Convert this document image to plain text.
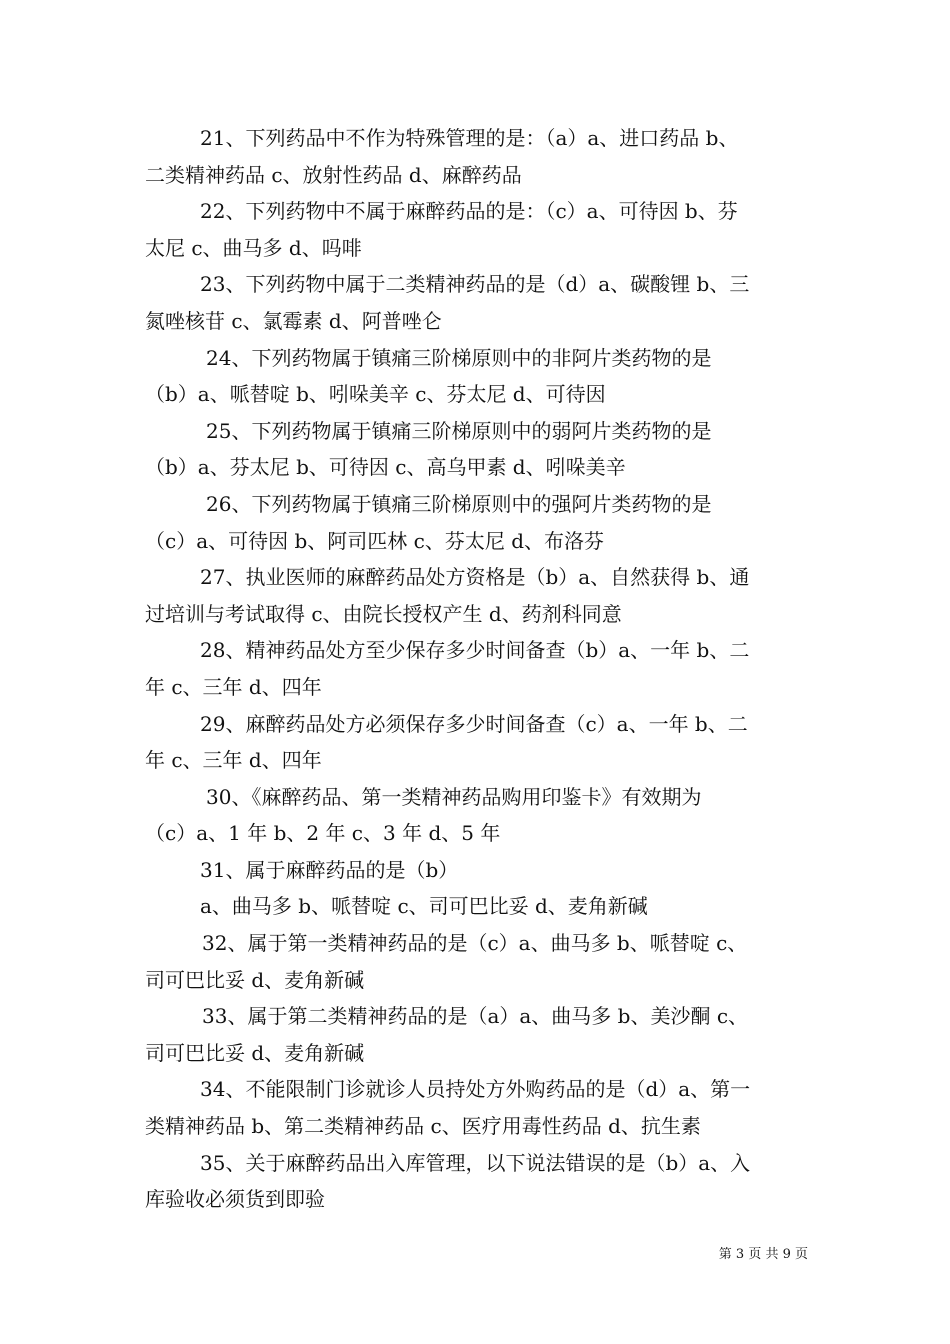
21、下列药品中不作为特殊管理的是：（a）a、进口药品 b、
二类精神药品 c、放射性药品 d、麻醉药品
22、下列药物中不属于麻醉药品的是：（c）a、可待因 b、芬
太尼 c、曲马多 d、吗啡
23、下列药物中属于二类精神药品的是（d）a、碳酸锂 b、三
氮唑核苷 c、氯霉素 d、阿普唑仑
24、下列药物属于镇痛三阶梯原则中的非阿片类药物的是
（b）a、哌替啶 b、吲哚美辛 c、芬太尼 d、可待因
25、下列药物属于镇痛三阶梯原则中的弱阿片类药物的是
（b）a、芬太尼 b、可待因 c、高乌甲素 d、吲哚美辛
26、下列药物属于镇痛三阶梯原则中的强阿片类药物的是
（c）a、可待因 b、阿司匹林 c、芬太尼 d、布洛芬
27、执业医师的麻醉药品处方资格是（b）a、自然获得 b、通
过培训与考试取得 c、由院长授权产生 d、药剂科同意
28、精神药品处方至少保存多少时间备查（b）a、一年 b、二
年 c、三年 d、四年
29、麻醉药品处方必须保存多少时间备查（c）a、一年 b、二
年 c、三年 d、四年
30、《麻醉药品、第一类精神药品购用印鉴卡》有效期为
（c）a、1 年 b、2 年 c、3 年 d、5 年
31、属于麻醉药品的是（b）
a、曲马多 b、哌替啶 c、司可巴比妥 d、麦角新碱
32、属于第一类精神药品的是（c）a、曲马多 b、哌替啶 c、
司可巴比妥 d、麦角新碱
33、属于第二类精神药品的是（a）a、曲马多 b、美沙酮 c、
司可巴比妥 d、麦角新碱
34、不能限制门诊就诊人员持处方外购药品的是（d）a、第一
类精神药品 b、第二类精神药品 c、医疗用毒性药品 d、抗生素
35、关于麻醉药品出入库管理，以下说法错误的是（b）a、入
库验收必须货到即验
第 3 页 共 9 页
